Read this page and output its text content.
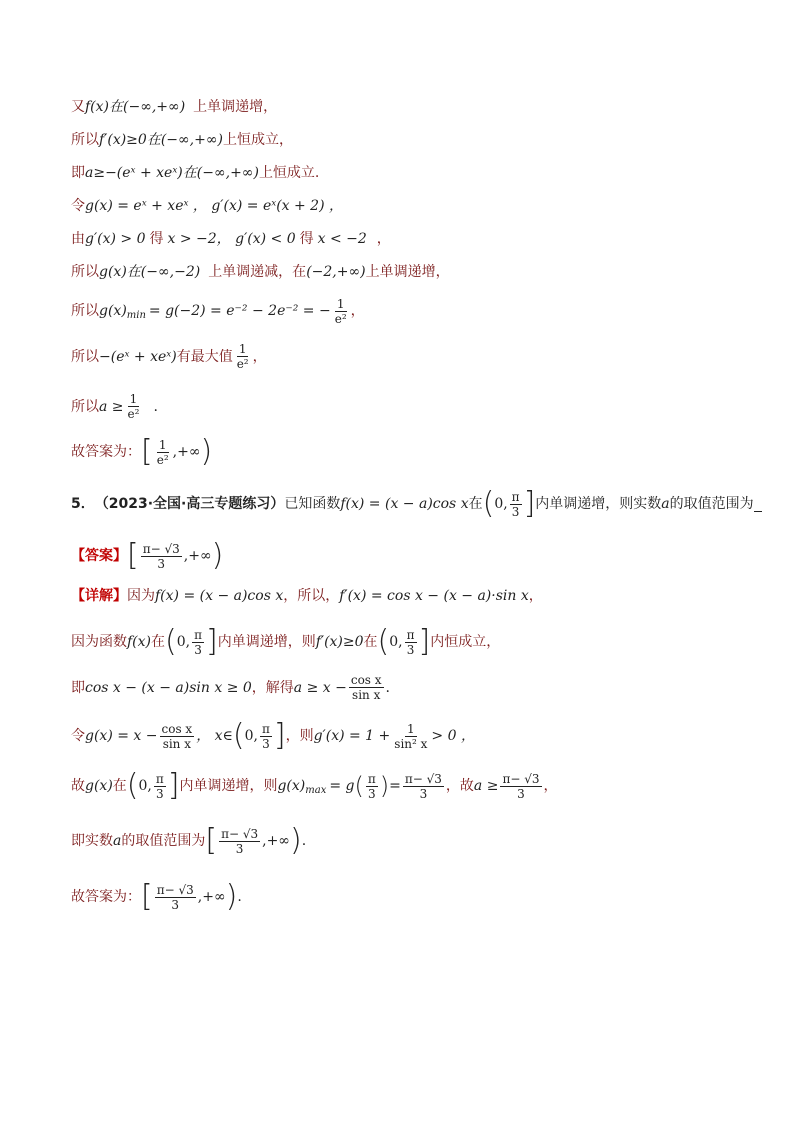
又 f(x)在(−∞,+∞) 上单调递增，
所以 f′(x)≥0在(−∞,+∞) 上恒成立，
即 a≥−(eˣ + xeˣ)在(−∞,+∞) 上恒成立.
令 g(x) = eˣ + xeˣ ， g′(x) = eˣ(x + 2) ，
由 g′(x) > 0 得 x > −2 ， g′(x) < 0 得 x < −2 ，
所以 g(x)在(−∞,−2) 上单调递减，在 (−2,+∞) 上单调递增，
所以 $g(x)_{min} = g(-2) = e^{-2} - 2e^{-2}$ = − $\frac{1}{\text{e²}}$ ，
所以 −(eˣ + xeˣ) 有最大值 $\frac{1}{\text{e²}}$ ，
所以 $a \ge \frac{1}{\text{e²}}$ .
故答案为： [ $\frac{1}{\text{e²}}$ ,+∞ )
5． （2023·全国·高三专题练习） 已知函数 f(x) = (x − a)cos x 在 ( 0, $\frac{\pi}{3}$ ] 内单调递增，则实数 a 的取值范围为
【答案】 [ $\frac{\pi- √3}{3}$ ,+∞ )
【详解】 因为 f(x) = (x − a)cos x ，所以， f′(x) = cos x − (x − a)·sin x ，
因为函数 f(x) 在 ( 0, $\frac{\pi}{3}$ ] 内单调递增，则 f′(x)≥0 在 ( 0, $\frac{\pi}{3}$ ] 内恒成立，
即 cos x − (x − a)sin x ≥ 0 ，解得 $a \ge x - \frac{\text{cos x}}{\text{sin x}}$ .
令 $g(x) = x - \frac{\text{cos x}}{\text{sin x}}$ ， x∈ ( 0, $\frac{\pi}{3}$ ] ，则 $g'(x) = 1 + \frac{1}{\text{sin² x}} > 0$ ，
故 g(x) 在 ( 0, $\frac{\pi}{3}$ ] 内单调递增，则 $g(x)_{max} = g$ ( $\frac{\pi}{3}$ ) = $\frac{\pi- √3}{3}$ ，故 $a \ge \frac{\pi- √3}{3}$ ，
即实数 a 的取值范围为 [ $\frac{\pi- √3}{3}$ ,+∞ ) .
故答案为： [ $\frac{\pi- √3}{3}$ ,+∞ ) .
